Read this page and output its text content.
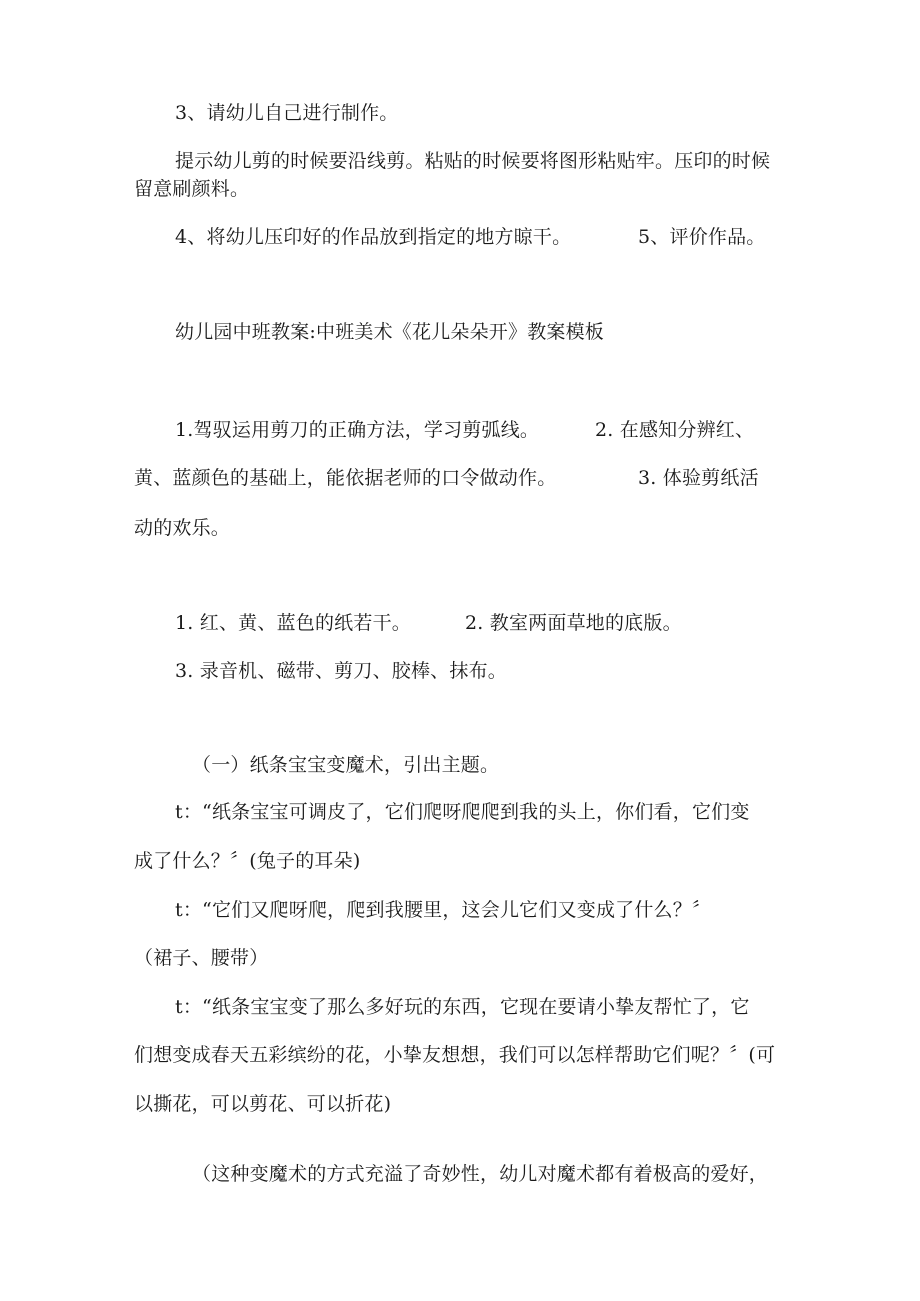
3、请幼儿自己进行制作。
提示幼儿剪的时候要沿线剪。粘贴的时候要将图形粘贴牢。压印的时候
留意刷颜料。
4、将幼儿压印好的作品放到指定的地方晾干。	5、评价作品。
幼儿园中班教案:中班美术《花儿朵朵开》教案模板
1.驾驭运用剪刀的正确方法，学习剪弧线。	2. 在感知分辨红、
黄、蓝颜色的基础上，能依据老师的口令做动作。	3. 体验剪纸活
动的欢乐。
1. 红、黄、蓝色的纸若干。	2. 教室两面草地的底版。
3. 录音机、磁带、剪刀、胶棒、抹布。
（一）纸条宝宝变魔术，引出主题。
t：“纸条宝宝可调皮了，它们爬呀爬爬到我的头上，你们看，它们变
成了什么？〞(兔子的耳朵)
t：“它们又爬呀爬，爬到我腰里，这会儿它们又变成了什么？〞
（裙子、腰带）
t：“纸条宝宝变了那么多好玩的东西，它现在要请小挚友帮忙了，它
们想变成春天五彩缤纷的花，小挚友想想，我们可以怎样帮助它们呢？〞(可
以撕花，可以剪花、可以折花)
（这种变魔术的方式充溢了奇妙性，幼儿对魔术都有着极高的爱好，
